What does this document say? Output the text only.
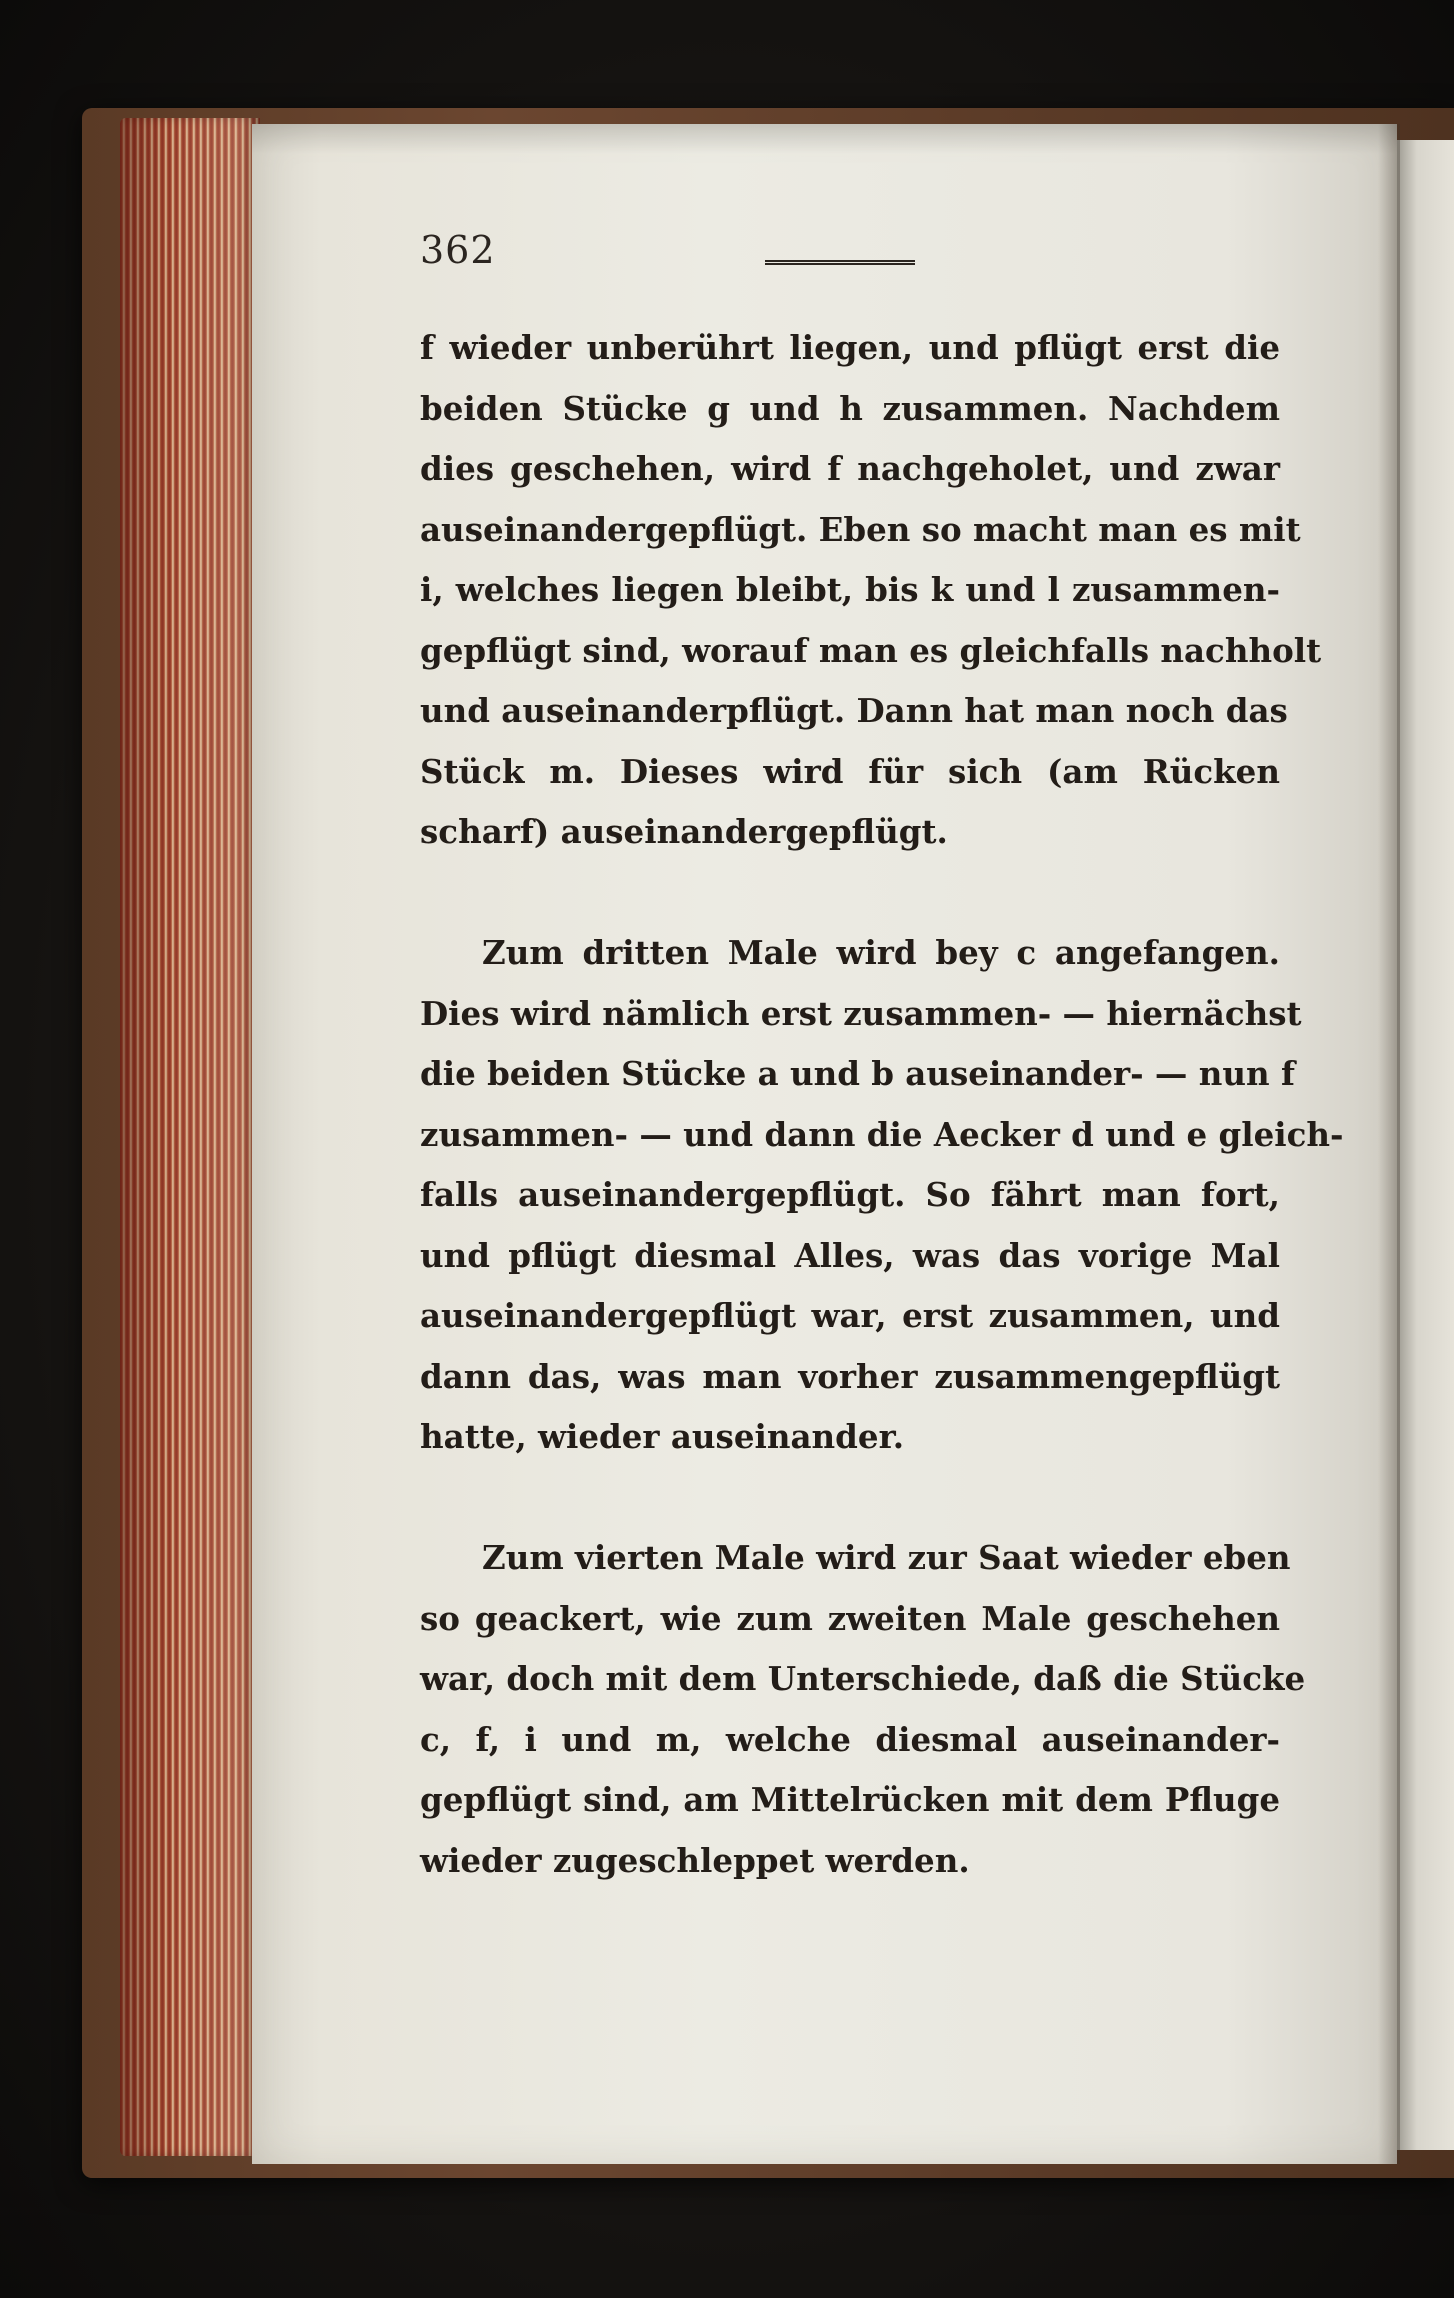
362
f wieder unberührt liegen, und pflügt erst die
beiden Stücke g und h zusammen. Nachdem
dies geschehen, wird f nachgeholet, und zwar
auseinandergepflügt. Eben so macht man es mit
i, welches liegen bleibt, bis k und l zusammen-
gepflügt sind, worauf man es gleichfalls nachholt
und auseinanderpflügt. Dann hat man noch das
Stück m. Dieses wird für sich (am Rücken
scharf) auseinandergepflügt.
Zum dritten Male wird bey c angefangen.
Dies wird nämlich erst zusammen- — hiernächst
die beiden Stücke a und b auseinander- — nun f
zusammen- — und dann die Aecker d und e gleich-
falls auseinandergepflügt. So fährt man fort,
und pflügt diesmal Alles, was das vorige Mal
auseinandergepflügt war, erst zusammen, und
dann das, was man vorher zusammengepflügt
hatte, wieder auseinander.
Zum vierten Male wird zur Saat wieder eben
so geackert, wie zum zweiten Male geschehen
war, doch mit dem Unterschiede, daß die Stücke
c, f, i und m, welche diesmal auseinander-
gepflügt sind, am Mittelrücken mit dem Pfluge
wieder zugeschleppet werden.
